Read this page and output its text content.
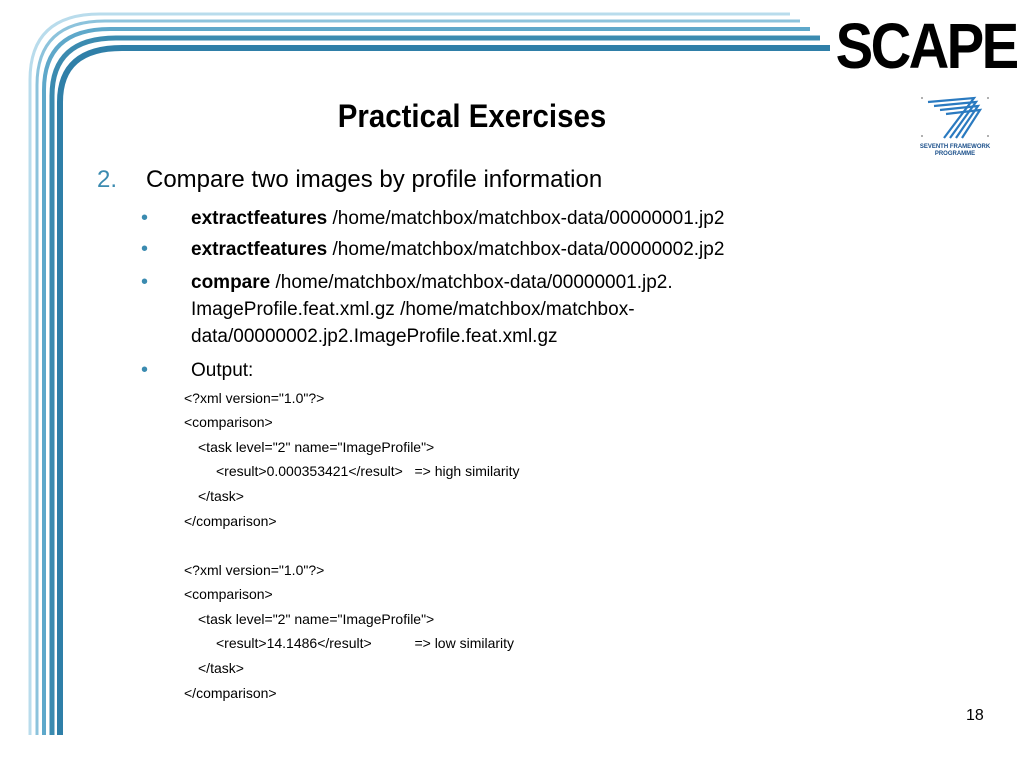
SCAPE
SEVENTH FRAMEWORK
PROGRAMME
Practical Exercises
2. Compare two images by profile information
• extractfeatures /home/matchbox/matchbox-data/00000001.jp2
• extractfeatures /home/matchbox/matchbox-data/00000002.jp2
• compare /home/matchbox/matchbox-data/00000001.jp2.
ImageProfile.feat.xml.gz /home/matchbox/matchbox-
data/00000002.jp2.ImageProfile.feat.xml.gz
• Output:
<?xml version="1.0"?>
<comparison>
<task level="2" name="ImageProfile">
<result>0.000353421</result>   => high similarity
</task>
</comparison>
<?xml version="1.0"?>
<comparison>
<task level="2" name="ImageProfile">
<result>14.1486</result>           => low similarity
</task>
</comparison>
18
